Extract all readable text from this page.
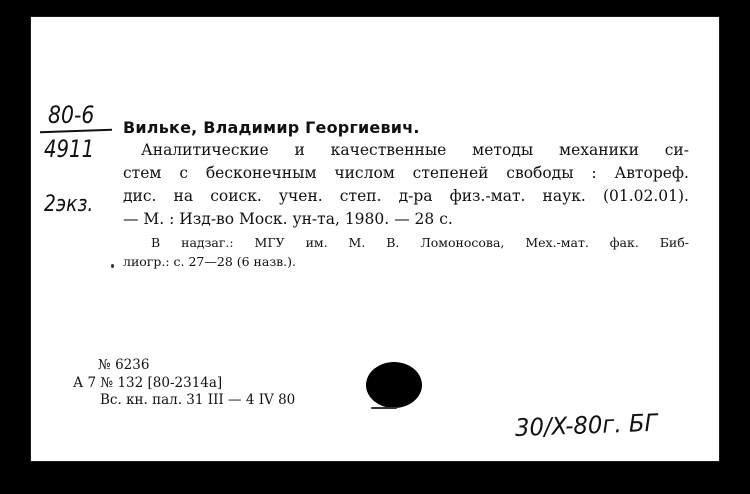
80-6
4911
2экз.
Вильке, Владимир Георгиевич.
Аналитические и качественные методы механики си-
стем с бесконечным числом степеней свободы : Автореф.
дис. на соиск. учен. степ. д-ра физ.-мат. наук. (01.02.01).
— М. : Изд-во Моск. ун-та, 1980. — 28 с.
В надзаг.: МГУ им. М. В. Ломоносова, Мех.-мат. фак. Биб-
лиогр.: с. 27—28 (6 назв.).
№ 6236
А 7 № 132 [80-2314а]
Вс. кн. пал. 31 III — 4 IV 80
30/X-80г. БГ
